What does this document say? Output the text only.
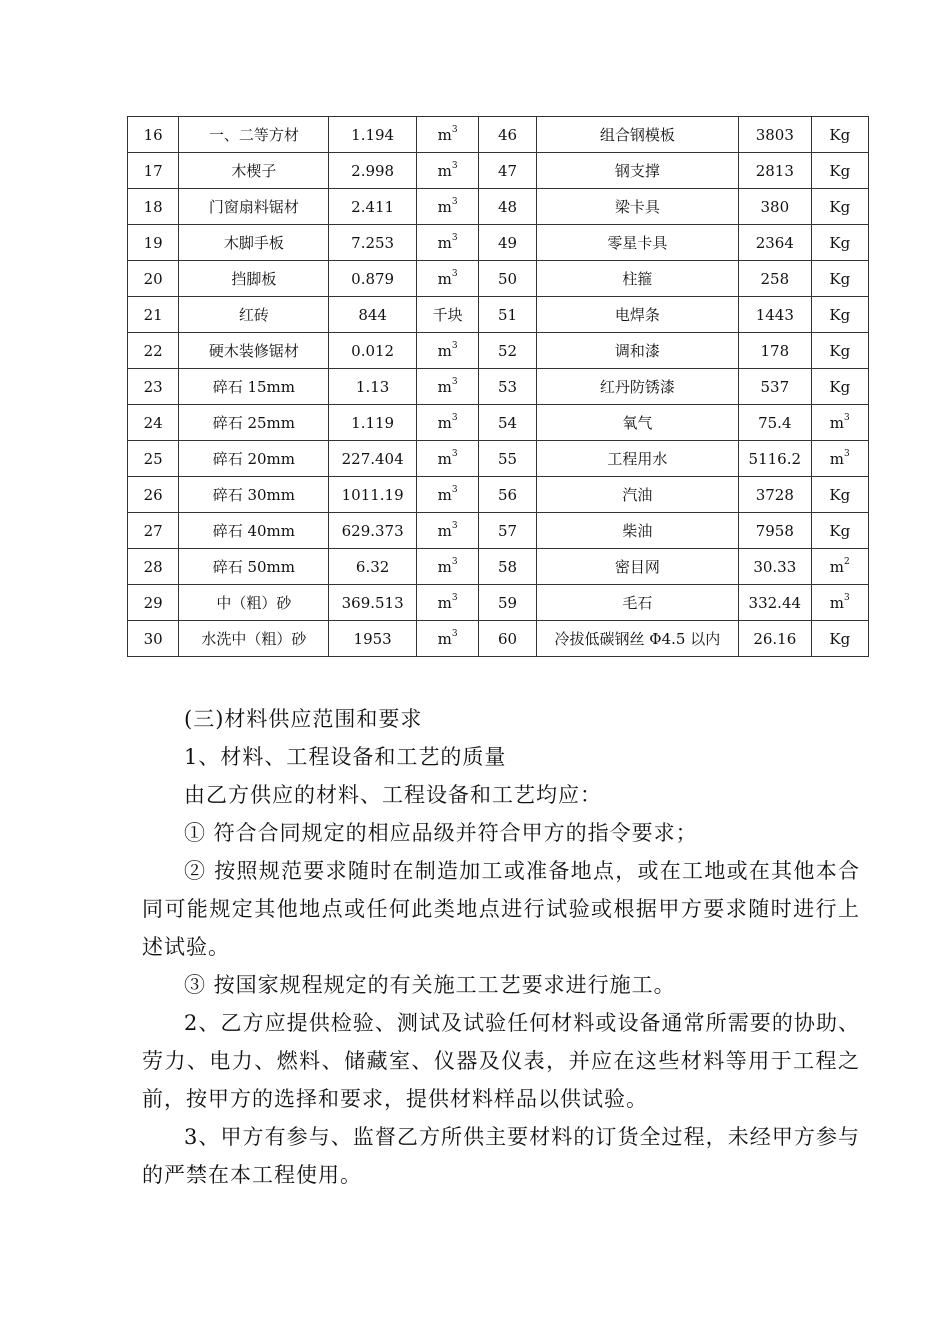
16	一、二等方材	1.194	$m^3$	46	组合钢模板	3803	Kg
17	木楔子	2.998	$m^3$	47	钢支撑	2813	Kg
18	门窗扇料锯材	2.411	$m^3$	48	梁卡具	380	Kg
19	木脚手板	7.253	$m^3$	49	零星卡具	2364	Kg
20	挡脚板	0.879	$m^3$	50	柱箍	258	Kg
21	红砖	844	千块	51	电焊条	1443	Kg
22	硬木装修锯材	0.012	$m^3$	52	调和漆	178	Kg
23	碎石 15mm	1.13	$m^3$	53	红丹防锈漆	537	Kg
24	碎石 25mm	1.119	$m^3$	54	氧气	75.4	$m^3$
25	碎石 20mm	227.404	$m^3$	55	工程用水	5116.2	$m^3$
26	碎石 30mm	1011.19	$m^3$	56	汽油	3728	Kg
27	碎石 40mm	629.373	$m^3$	57	柴油	7958	Kg
28	碎石 50mm	6.32	$m^3$	58	密目网	30.33	$m^2$
29	中（粗）砂	369.513	$m^3$	59	毛石	332.44	$m^3$
30	水洗中（粗）砂	1953	$m^3$	60	冷拔低碳钢丝 Φ4.5 以内	26.16	Kg

(三)材料供应范围和要求

1、材料、工程设备和工艺的质量

由乙方供应的材料、工程设备和工艺均应：

① 符合合同规定的相应品级并符合甲方的指令要求；

② 按照规范要求随时在制造加工或准备地点，或在工地或在其他本合同可能规定其他地点或任何此类地点进行试验或根据甲方要求随时进行上述试验。

③ 按国家规程规定的有关施工工艺要求进行施工。

2、乙方应提供检验、测试及试验任何材料或设备通常所需要的协助、劳力、电力、燃料、储藏室、仪器及仪表，并应在这些材料等用于工程之前，按甲方的选择和要求，提供材料样品以供试验。

3、甲方有参与、监督乙方所供主要材料的订货全过程，未经甲方参与的严禁在本工程使用。
